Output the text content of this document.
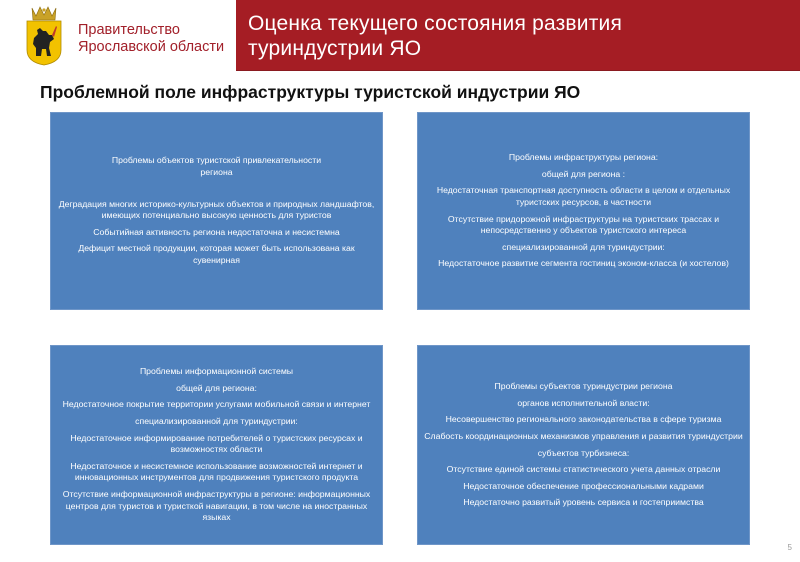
Правительство
Ярославской области
Оценка текущего состояния развития
туриндустрии ЯО
Проблемной поле инфраструктуры туристской индустрии ЯО

Проблемы объектов туристской привлекательности

региона

Деградация многих историко-культурных объектов и природных ландшафтов, имеющих потенциально высокую ценность для туристов

Событийная активность региона недостаточна и несистемна

Дефицит местной продукции, которая может быть использована как сувенирная

Проблемы инфраструктуры региона:

общей для региона :

Недостаточная транспортная доступность области в целом и отдельных туристских ресурсов, в частности

Отсутствие придорожной инфраструктуры на туристских трассах и непосредственно у объектов туристского интереса

специализированной для туриндустрии:

Недостаточное развитие сегмента гостиниц эконом-класса (и хостелов)

Проблемы информационной системы

общей для региона:

Недостаточное покрытие территории услугами мобильной связи и интернет

специализированной для туриндустрии:

Недостаточное информирование потребителей о туристских ресурсах и возможностях области

Недостаточное и несистемное использование возможностей интернет и инновационных инструментов для продвижения туристского продукта

Отсутствие информационной инфраструктуры в регионе: информационных центров для туристов и туристкой навигации, в том числе на иностранных языках

Проблемы субъектов туриндустрии региона

органов исполнительной власти:

Несовершенство регионального законодательства в сфере туризма

Слабость координационных механизмов управления и развития туриндустрии

субъектов турбизнеса:

Отсутствие единой системы статистического учета данных отрасли

Недостаточное обеспечение профессиональными кадрами

Недостаточно развитый уровень сервиса и гостеприимства

5
